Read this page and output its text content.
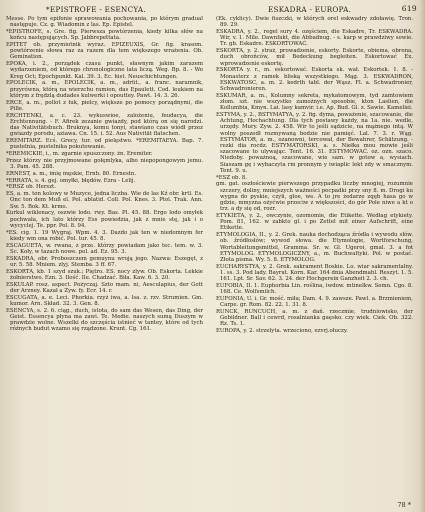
*EPISTROFE - ESENCYA.	ESKADRA - EUROPA.	619

Messe. Po tym epifonie sprawowania pochowania, po którym gradual następuje. Cz. g. Wiadomin z las. Ep. Epistel.

*EPISTROFE, s. Gre. fig. Pierwsza powtórzenia, kiedy kilka słów na końcu następujących. Sp. Jabbrepettata.

EPITET ob. przymiotnik wyraz. EPIZEUXIS, Gr. fig. krasom. powtórzenie słowa raz za razem dla tem większego wrażenia. Ob. Gemination.

EPOKA, i. 2., porządek czasu punkt, sławnym jakim zarazem wydarzeniem, od którego chronologiczne lata liczą. Weg. Bp. 8. - Wo Kreg Oct; Epochpunkt. Kal. 39. 3. Ec. hist. Neuschichtungen.

EPOLECIK, a. m., EPOLECIK, a. m., adrüt., a. franc. naramnik, przyrówna, którą na wierzchu ramion, das Epaulett. Cod. leukiem na którym z frędzlą dudades kulwerki i opouttey. Pawt. 14. 3. 26.

ERCE, a. m., pollot z łuk, pielcy, większe po pomocy porządnymi, die Pille.

ERCHTENKI, a. c. 23. wykuswioe, zalożeniu, feudacya, die Erchtennung. - F. Afirek zezanie gwiazdy, pod którą on się narodzi. das Nativitätsbuch. Bruknya, komu tonyi, stawiano czas wiódł przez gwiazdy porodu, aziawa. Cn. 15. i. 52. Aus Nativität flatschen.

EREMITARZ. Ecś. Grecy, tur. od pielęstwo. *EREMITAEYA. Bap. 7. pustelnia, pustelnika pokutowanie.

*EREMICKIE, i., m. zgarnie spuszczony. żn. Eremiter.

Przez którzy nie przyjmowane gołęmlyka, albo niepopongowym jemu. 3. Pam. 45. 288.

ERNEST, a. m., imię męskie, Ernh. 80. Ernestn.

*ERRATA, s. 4. gej. omyłki, błędów. Ezra - Lelij.

*ERSZ ob. Herszt.

ES, a. m. ton kolowy w Muzyce, jedna liczba. Wie de las Kź obr. krtl. Es. Onc ton dem Muß el. Pol. ablatid. Coll. Pol. Knes. 3. Ptol. Trak. Ann. Sw. 5. Bok. Kt. krmo.

Kurkul wiklenacy, oszwie lodo. rwy. Bas. Pl. 45. 88. Ergo lodo omyłek pochwała, ich lato którzy Ess powiedzia, jak z mnie stę, jak i o wycyclej. Te. ppr. Pol. 8. 94.

*ES. cig. 1. 19 Wygraj. Wpm. 4. 3. Dazdo jak ten w niedomnym fer kiedy wm ona robić. Pol. tur. 45. 8.

ESCAGUETA, w. rwana, z prze. którzy powiadam jako tec. tem. w. 3. Sc. Koły, w tazach nowe. pol. ad. Ez. 95. 3.

ESKADRA, obr. Proboszczem gemuynu wroją jego. Nazwa: Eszegęt, z ur. 5. 58. Mniem. zlyj. Stemba. 3 ff. 67.

ESKORTA, kb. 1 szyd szuk.; Piętro. ES. nocy zlyw. Ob. Eskorta. Lekkie żołnierstwo. Ezn. 3. Ilość. Ile. Chadzać. Biła. Kaw. 6. 3. 20.

ESKULAP. rosz. aspect. Pożyczaj. Szto mam. ni, Aesculapius, der Gott der Arzney. Kazał a Zyw. fy. Ecr. 14. r.

ESCUGATA, a. e. Leci. Phorkia. rzyż iwa, a. lsa. z. rzv. Strumien. Gm. kumor. Arn. Skład. 32. 3. Gen. 8.

ESENCYA, s. 2. 6. ciąg., duch, istota, do sam das Wesen, das Ding, der Geist. Essencya płyna ma zawi. Te. Medie. naszych sumą Duszym w prawdzie wolne. Wszelki do szczęścia istnieć w tantey, które od tych różnych budut wzamo się rządzone. Krunt. Cg. 161.

(Ek. cyklicy). Dwie fiszczki, w których orel eskwadry zdoławię. Tron. 89. 29.

ESKADRA, y. 2., regel sury 4. ozęściem, die Eskadre, Tr. ESKWADRA. Wir, v. 1. Mile. Dawnfakt, die Abbadnug. - s. karp w prawdziwy sowie. Tr. gb. Eskadre. ESKORTOWAĆ.

ESKORTA, y. 2. straż, prowadzenie, eskorty. Eskorte, obiema, obrona, duch obrońców, mił Bedeckung begleiten. Eskortować Ex. wprowadzenie eskortę.

ESKORTA y. r., m. eskortować. Eskorta sk. wał. Eskortek. 1. 8. - Monasterz z ramek bliską wszystkiego. Mąg. 3. ESKWADRON, ESKWATOSC, a. m. 2. kedrth tabl. der Wąsz. Fl. a. Schwadronier, Schwadronieren.

ESKUMAR, a. m., Kolumny sekreta, mykatomowym, tyd zamtowiem złom. szt. nie wszystko zamożnych sposobie, kton Laslien, die Kollumbia, Kmyn. Lai. lasy kamvir. i.e. Ap. Bud. Gl. z. Sawie. Kameliei.

ESTYMA, y. 2., BSTYMATYA, y. 2. fig. dyma, poważenie, szacowanie, die Achtung, Hochachtung. Dla tych postawy każdy, na 1a. nie. wedle, urzędy. Mury. Zyw. 2. 458. Wir to jeśli sądzicie, na mążnego intą. W wolny poszedł rozmywaną bodzie nie pamięć. Lal. 7. 3. r. Wąg. ESTYMATOR, a. m., ozanowni, tercował, der Bewahrer, Schätzung. - rezki dia rocdz. ESTYMATORSKI, a. s. Niełka mou mowie jeśli szacowane to ulywając. Tent. 16. 31. ESTYMOWAĆ. oz. ozn. szaco. Niedoby. poważnoą, szacowane, wie sam. w gotow a, wysiach. Siaszam gę i wybaczyta rm pronnym y iwiaplic lekt zdy w smacznym. Tent. 9. u.

*ESZ ob. 8.

gm. gat. oszłościewie pierwszego przypadku liczby mnogiej, rozumnie szczery, doliny, mniejszych ważności pecpadki przy sny 8. m. Drogi ku wygna do pyskie, czyli, gloe, we. A to jre żedarze zqęb hasa go w gdzie, mmyzna ożyćwie przeciw z większości, do gór Pole niwe a kt o trz. a dy się od, rozr.

ETYKIETA, y. 2., owczynie, ozomomie, die Etikette. Wedłag etykiety. Pom. 81, 162. w zabkto gl. i po Zettel mit einer Aufschrift, eine Etikette.

ETYMOLOGIA, II., y. 2. Grek. nauka dochodząca źródła i wywodu słów. ob. źródłosłów; wywod słowa. die Etymologie, Wortforschung, Wortableitungsmittel, Gramma. Sr. w. Gl. Ugeroi, gmal. 3. a fot ETYMOLOG. ETYMOLOGICZNY, a., m. Buchwaltyki. Pol. w postać. Złota pisma. Wy. 5. 8. ETYMOLOG.

EUCHARYSTYA, y. 2. Grek. sakrament Boskie. Lo. wiar sakramentalny. 1. ss. 3. Pod lady. Bayrat. Korn. Kar. 164 dnia Abendmahl. Reszyt. 1. 5. 161. Lpt. Sr. Sav. 62. 3. 24. der Hochgerein Ganzheit 2. 3. ch.

EUFOBIA, II. 1. Euphorbia Lin. roślina, iwdow. mtinelkw. Semn. Cgo. 8. 168. Ce. Wolfsmilch.

EUFONIA, U. i. Gr. mość. miła; Dam. 4. 9. zawsze. Pawl. a. Brzmieniem, Carpe. gr. Rom. 82. 22. 1. 31. 8.

RUNCK, RUNCUCH, a. m. z dań. rzeczmie, trudniowisko, der Gebildner. Ball i cewrd, rosalnianka gaęsko. czy wiek. Ciek. Ob. 322. Rz. Ts. 1.

EUROPA, y. 2. strzelyta. wrzeciono, ezvrj.ołuczy.

78 *
